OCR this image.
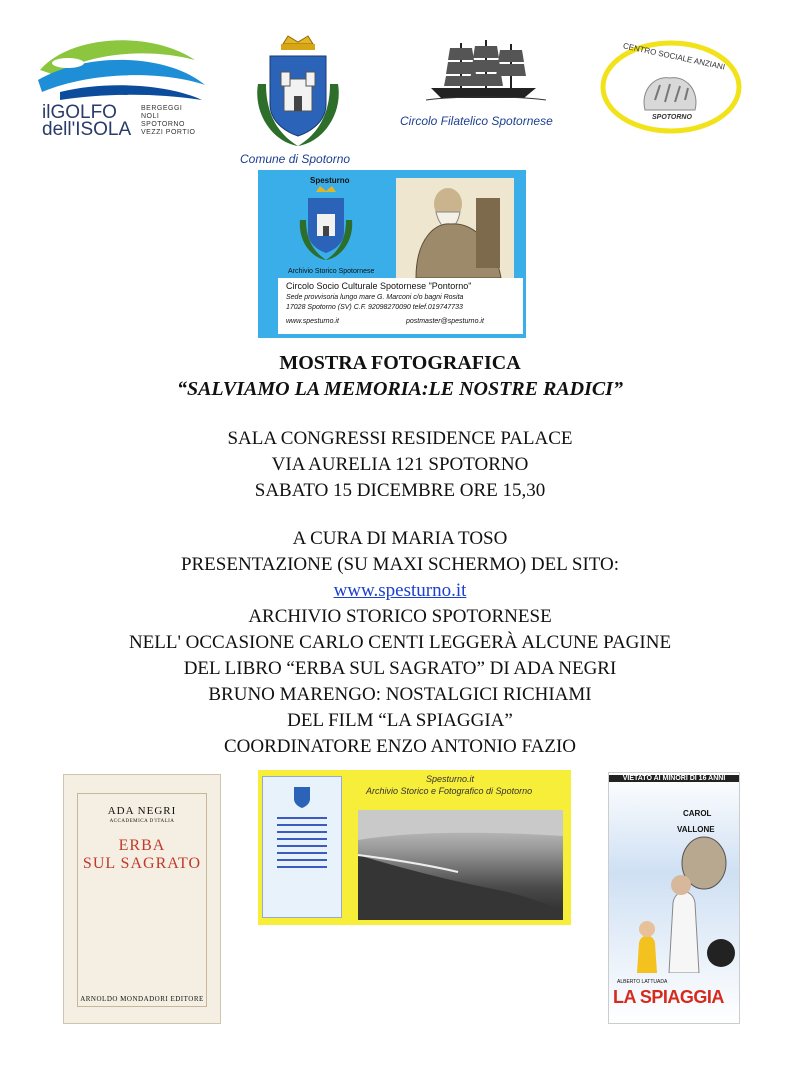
ilGOLFO
dell'ISOLA
BERGEGGI
NOLI
SPOTORNO
VEZZI PORTIO
Comune di Spotorno
Circolo Filatelico Spotornese
CENTRO SOCIALE ANZIANI
SPOTORNO
Spesturno
Archivio Storico Spotornese
Circolo Socio Culturale Spotornese "Pontorno"
Sede provvisoria lungo mare G. Marconi c/o bagni Rosita
17028 Spotorno (SV) C.F. 92098270090 telef.019747733
www.spesturno.it	postmaster@spesturno.it
MOSTRA FOTOGRAFICA
“SALVIAMO LA MEMORIA:LE NOSTRE RADICI”
SALA CONGRESSI RESIDENCE PALACE
VIA AURELIA 121 SPOTORNO
SABATO 15 DICEMBRE ORE 15,30
A CURA DI MARIA TOSO
PRESENTAZIONE (SU MAXI SCHERMO) DEL SITO:
www.spesturno.it
ARCHIVIO STORICO SPOTORNESE
NELL' OCCASIONE CARLO CENTI LEGGERÀ ALCUNE PAGINE
DEL LIBRO “ERBA SUL SAGRATO” DI ADA NEGRI
BRUNO MARENGO: NOSTALGICI RICHIAMI
DEL FILM “LA SPIAGGIA”
COORDINATORE ENZO ANTONIO FAZIO
ADA NEGRI
ACCADEMICA D'ITALIA
ERBA
SUL SAGRATO
ARNOLDO MONDADORI EDITORE
Spesturno.it
Archivio Storico e Fotografico di Spotorno
VIETATO AI MINORI DI 16 ANNI
CAROL
VALLONE
ALBERTO LATTUADA
LA SPIAGGIA
